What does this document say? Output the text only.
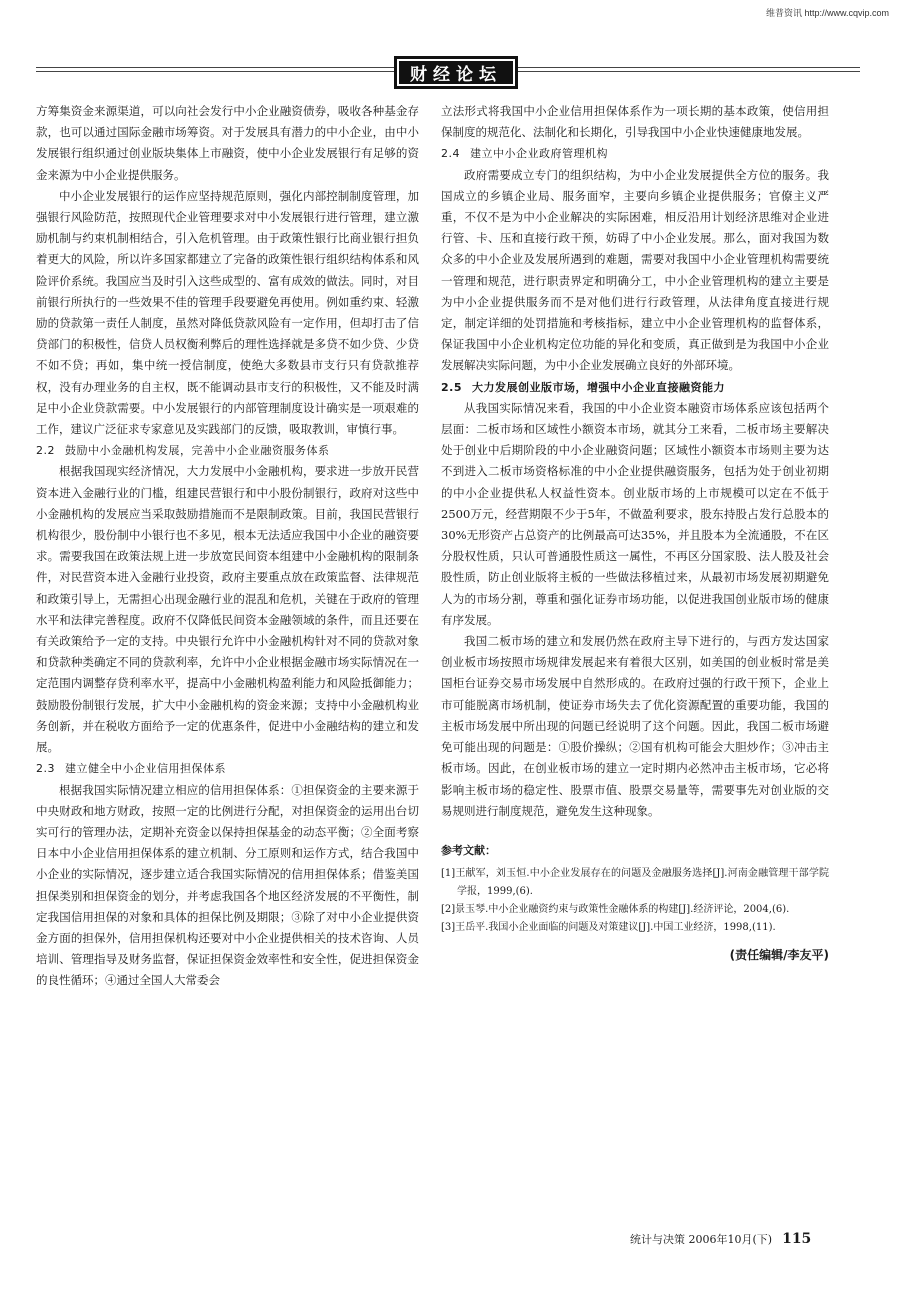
维普资讯 http://www.cqvip.com
财经论坛

方筹集资金来源渠道，可以向社会发行中小企业融资债券，吸收各种基金存款，也可以通过国际金融市场筹资。对于发展具有潜力的中小企业，由中小发展银行组织通过创业版块集体上市融资，使中小企业发展银行有足够的资金来源为中小企业提供服务。

中小企业发展银行的运作应坚持规范原则，强化内部控制制度管理，加强银行风险防范，按照现代企业管理要求对中小发展银行进行管理，建立激励机制与约束机制相结合，引入危机管理。由于政策性银行比商业银行担负着更大的风险，所以许多国家都建立了完备的政策性银行组织结构体系和风险评价系统。我国应当及时引入这些成型的、富有成效的做法。同时，对目前银行所执行的一些效果不佳的管理手段要避免再使用。例如重约束、轻激励的贷款第一责任人制度，虽然对降低贷款风险有一定作用，但却打击了信贷部门的积极性，信贷人员权衡利弊后的理性选择就是多贷不如少贷、少贷不如不贷；再如，集中统一授信制度，使绝大多数县市支行只有贷款推荐权，没有办理业务的自主权，既不能调动县市支行的积极性，又不能及时满足中小企业贷款需要。中小发展银行的内部管理制度设计确实是一项艰难的工作，建议广泛征求专家意见及实践部门的反馈，吸取教训，审慎行事。

2.2 鼓励中小金融机构发展，完善中小企业融资服务体系

根据我国现实经济情况，大力发展中小金融机构，要求进一步放开民营资本进入金融行业的门槛，组建民营银行和中小股份制银行，政府对这些中小金融机构的发展应当采取鼓励措施而不是限制政策。目前，我国民营银行机构很少，股份制中小银行也不多见，根本无法适应我国中小企业的融资要求。需要我国在政策法规上进一步放宽民间资本组建中小金融机构的限制条件，对民营资本进入金融行业投资，政府主要重点放在政策监督、法律规范和政策引导上，无需担心出现金融行业的混乱和危机，关键在于政府的管理水平和法律完善程度。政府不仅降低民间资本金融领域的条件，而且还要在有关政策给予一定的支持。中央银行允许中小金融机构针对不同的贷款对象和贷款种类确定不同的贷款利率，允许中小企业根据金融市场实际情况在一定范围内调整存贷利率水平，提高中小金融机构盈利能力和风险抵御能力；鼓励股份制银行发展，扩大中小金融机构的资金来源；支持中小金融机构业务创新，并在税收方面给予一定的优惠条件，促进中小金融结构的建立和发展。

2.3 建立健全中小企业信用担保体系

根据我国实际情况建立相应的信用担保体系：①担保资金的主要来源于中央财政和地方财政，按照一定的比例进行分配，对担保资金的运用出台切实可行的管理办法，定期补充资金以保持担保基金的动态平衡；②全面考察日本中小企业信用担保体系的建立机制、分工原则和运作方式，结合我国中小企业的实际情况，逐步建立适合我国实际情况的信用担保体系；借鉴美国担保类别和担保资金的划分，并考虑我国各个地区经济发展的不平衡性，制定我国信用担保的对象和具体的担保比例及期限；③除了对中小企业提供资金方面的担保外，信用担保机构还要对中小企业提供相关的技术咨询、人员培训、管理指导及财务监督，保证担保资金效率性和安全性，促进担保资金的良性循环；④通过全国人大常委会

立法形式将我国中小企业信用担保体系作为一项长期的基本政策，使信用担保制度的规范化、法制化和长期化，引导我国中小企业快速健康地发展。

2.4 建立中小企业政府管理机构

政府需要成立专门的组织结构，为中小企业发展提供全方位的服务。我国成立的乡镇企业局、服务面窄，主要向乡镇企业提供服务；官僚主义严重，不仅不是为中小企业解决的实际困难，相反沿用计划经济思维对企业进行管、卡、压和直接行政干预，妨碍了中小企业发展。那么，面对我国为数众多的中小企业及发展所遇到的难题，需要对我国中小企业管理机构需要统一管理和规范，进行职责界定和明确分工，中小企业管理机构的建立主要是为中小企业提供服务而不是对他们进行行政管理，从法律角度直接进行规定，制定详细的处罚措施和考核指标，建立中小企业管理机构的监督体系，保证我国中小企业机构定位功能的异化和变质，真正做到是为我国中小企业发展解决实际问题，为中小企业发展确立良好的外部环境。

2.5 大力发展创业版市场，增强中小企业直接融资能力

从我国实际情况来看，我国的中小企业资本融资市场体系应该包括两个层面：二板市场和区域性小额资本市场，就其分工来看，二板市场主要解决处于创业中后期阶段的中小企业融资问题；区域性小额资本市场则主要为达不到进入二板市场资格标准的中小企业提供融资服务，包括为处于创业初期的中小企业提供私人权益性资本。创业版市场的上市规模可以定在不低于2500万元，经营期限不少于5年，不做盈利要求，股东持股占发行总股本的30%无形资产占总资产的比例最高可达35%，并且股本为全流通股，不在区分股权性质，只认可普通股性质这一属性，不再区分国家股、法人股及社会股性质，防止创业版将主板的一些做法移植过来，从最初市场发展初期避免人为的市场分割，尊重和强化证券市场功能，以促进我国创业版市场的健康有序发展。

我国二板市场的建立和发展仍然在政府主导下进行的，与西方发达国家创业板市场按照市场规律发展起来有着很大区别，如美国的创业板时常是美国柜台证券交易市场发展中自然形成的。在政府过强的行政干预下，企业上市可能脱离市场机制，使证券市场失去了优化资源配置的重要功能，我国的主板市场发展中所出现的问题已经说明了这个问题。因此，我国二板市场避免可能出现的问题是：①股价操纵；②国有机构可能会大胆炒作；③冲击主板市场。因此，在创业板市场的建立一定时期内必然冲击主板市场，它必将影响主板市场的稳定性、股票市值、股票交易量等，需要事先对创业版的交易规则进行制度规范，避免发生这种现象。

参考文献：

[1]王献军，刘玉恒.中小企业发展存在的问题及金融服务选择[J].河南金融管理干部学院学报，1999,(6).

[2]景玉琴.中小企业融资约束与政策性金融体系的构建[J].经济评论，2004,(6).

[3]王岳平.我国小企业面临的问题及对策建议[J].中国工业经济，1998,(11).

(责任编辑/李友平)
统计与决策 2006年10月(下) 115
